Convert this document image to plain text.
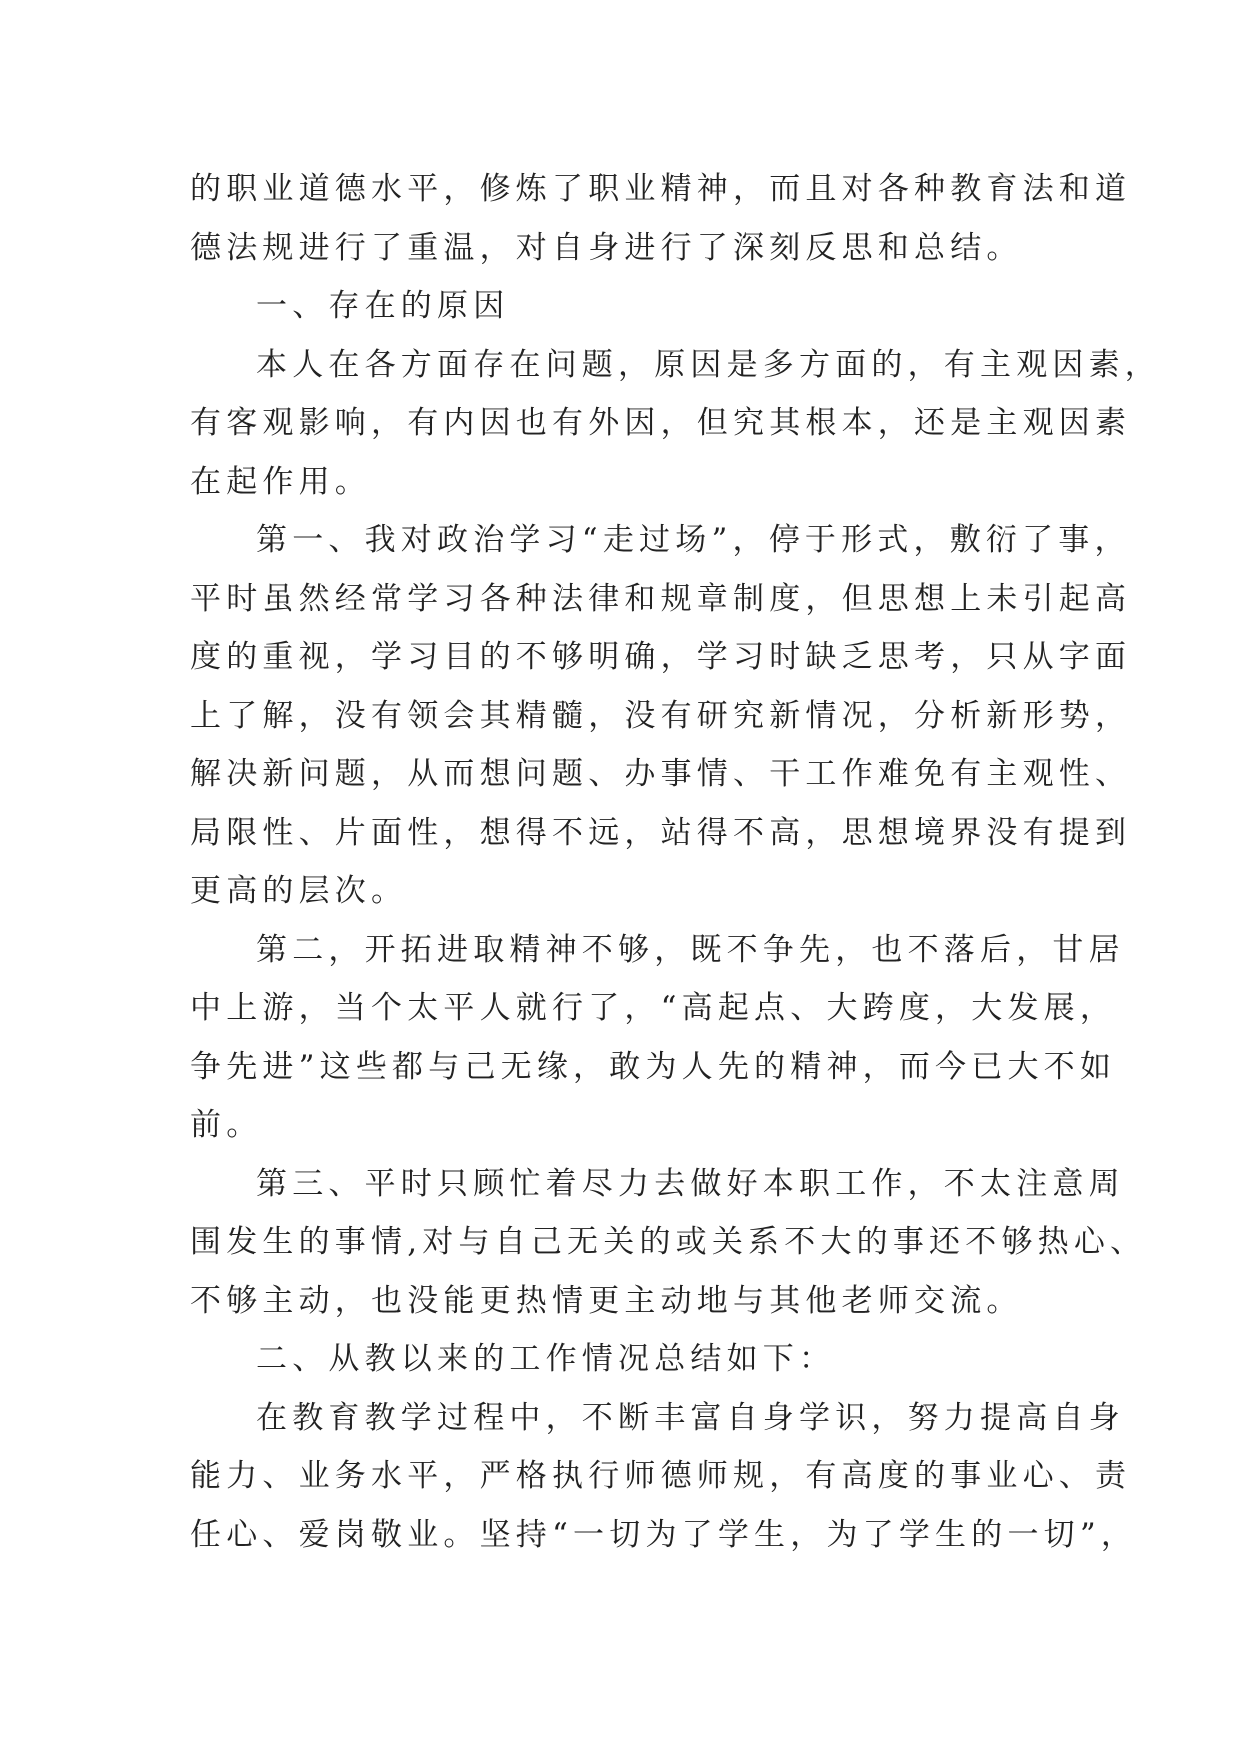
的职业道德水平，修炼了职业精神，而且对各种教育法和道
德法规进行了重温，对自身进行了深刻反思和总结。
一、存在的原因
本人在各方面存在问题，原因是多方面的，有主观因素，
有客观影响，有内因也有外因，但究其根本，还是主观因素
在起作用。
第一、我对政治学习“走过场”，停于形式，敷衍了事，
平时虽然经常学习各种法律和规章制度，但思想上未引起高
度的重视，学习目的不够明确，学习时缺乏思考，只从字面
上了解，没有领会其精髓，没有研究新情况，分析新形势，
解决新问题，从而想问题、办事情、干工作难免有主观性、
局限性、片面性，想得不远，站得不高，思想境界没有提到
更高的层次。
第二，开拓进取精神不够，既不争先，也不落后，甘居
中上游，当个太平人就行了，“高起点、大跨度，大发展，
争先进”这些都与己无缘，敢为人先的精神，而今已大不如
前。
第三、平时只顾忙着尽力去做好本职工作，不太注意周
围发生的事情,对与自己无关的或关系不大的事还不够热心、
不够主动，也没能更热情更主动地与其他老师交流。
二、从教以来的工作情况总结如下：
在教育教学过程中，不断丰富自身学识，努力提高自身
能力、业务水平，严格执行师德师规，有高度的事业心、责
任心、爱岗敬业。坚持“一切为了学生，为了学生的一切”，
